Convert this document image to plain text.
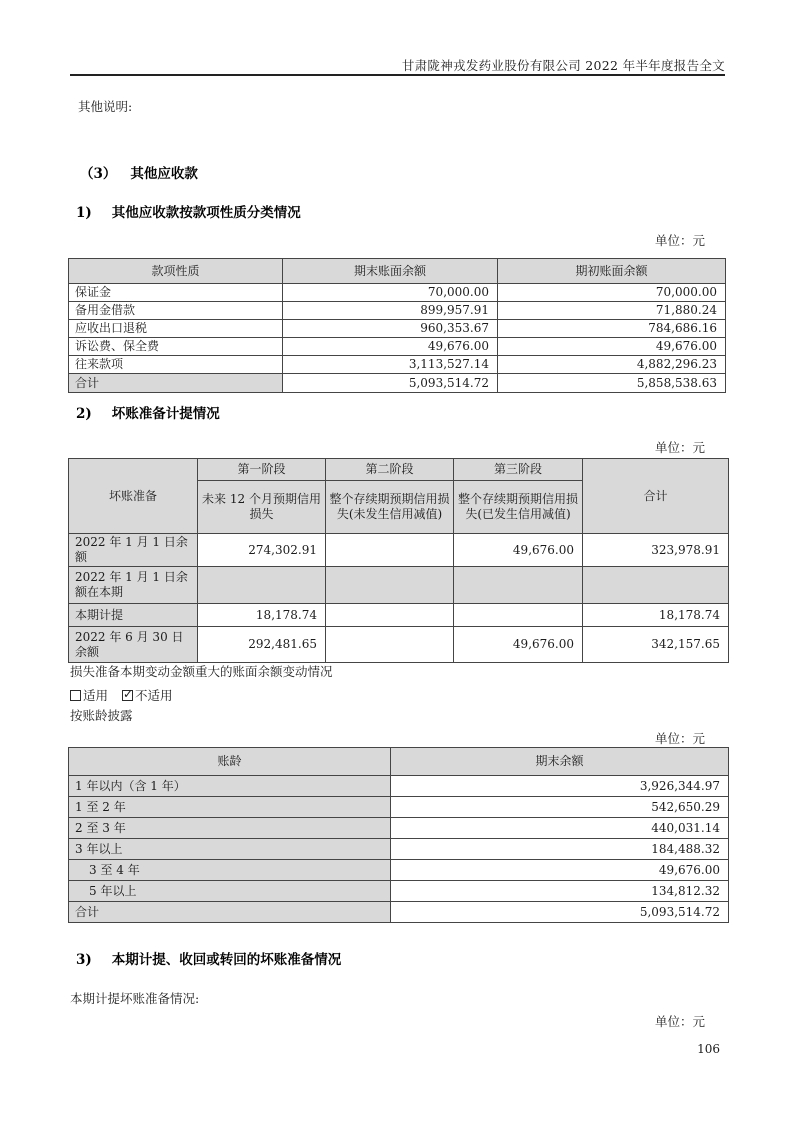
甘肃陇神戎发药业股份有限公司 2022 年半年度报告全文
其他说明:
（3） 其他应收款
1) 其他应收款按款项性质分类情况
单位：元
款项性质	期末账面余额	期初账面余额
保证金	70,000.00	70,000.00
备用金借款	899,957.91	71,880.24
应收出口退税	960,353.67	784,686.16
诉讼费、保全费	49,676.00	49,676.00
往来款项	3,113,527.14	4,882,296.23
合计	5,093,514.72	5,858,538.63
2) 坏账准备计提情况
单位：元
坏账准备	第一阶段	第二阶段	第三阶段	合计
	未来 12 个月预期信用损失	整个存续期预期信用损失(未发生信用减值)	整个存续期预期信用损失(已发生信用减值)	
2022 年 1 月 1 日余额	274,302.91		49,676.00	323,978.91
2022 年 1 月 1 日余额在本期				
本期计提	18,178.74			18,178.74
2022 年 6 月 30 日余额	292,481.65		49,676.00	342,157.65
损失准备本期变动金额重大的账面余额变动情况
适用 ✓ 不适用
按账龄披露
单位：元
账龄	期末余额
1 年以内（含 1 年）	3,926,344.97
1 至 2 年	542,650.29
2 至 3 年	440,031.14
3 年以上	184,488.32
3 至 4 年	49,676.00
5 年以上	134,812.32
合计	5,093,514.72
3) 本期计提、收回或转回的坏账准备情况
本期计提坏账准备情况:
单位：元
106
